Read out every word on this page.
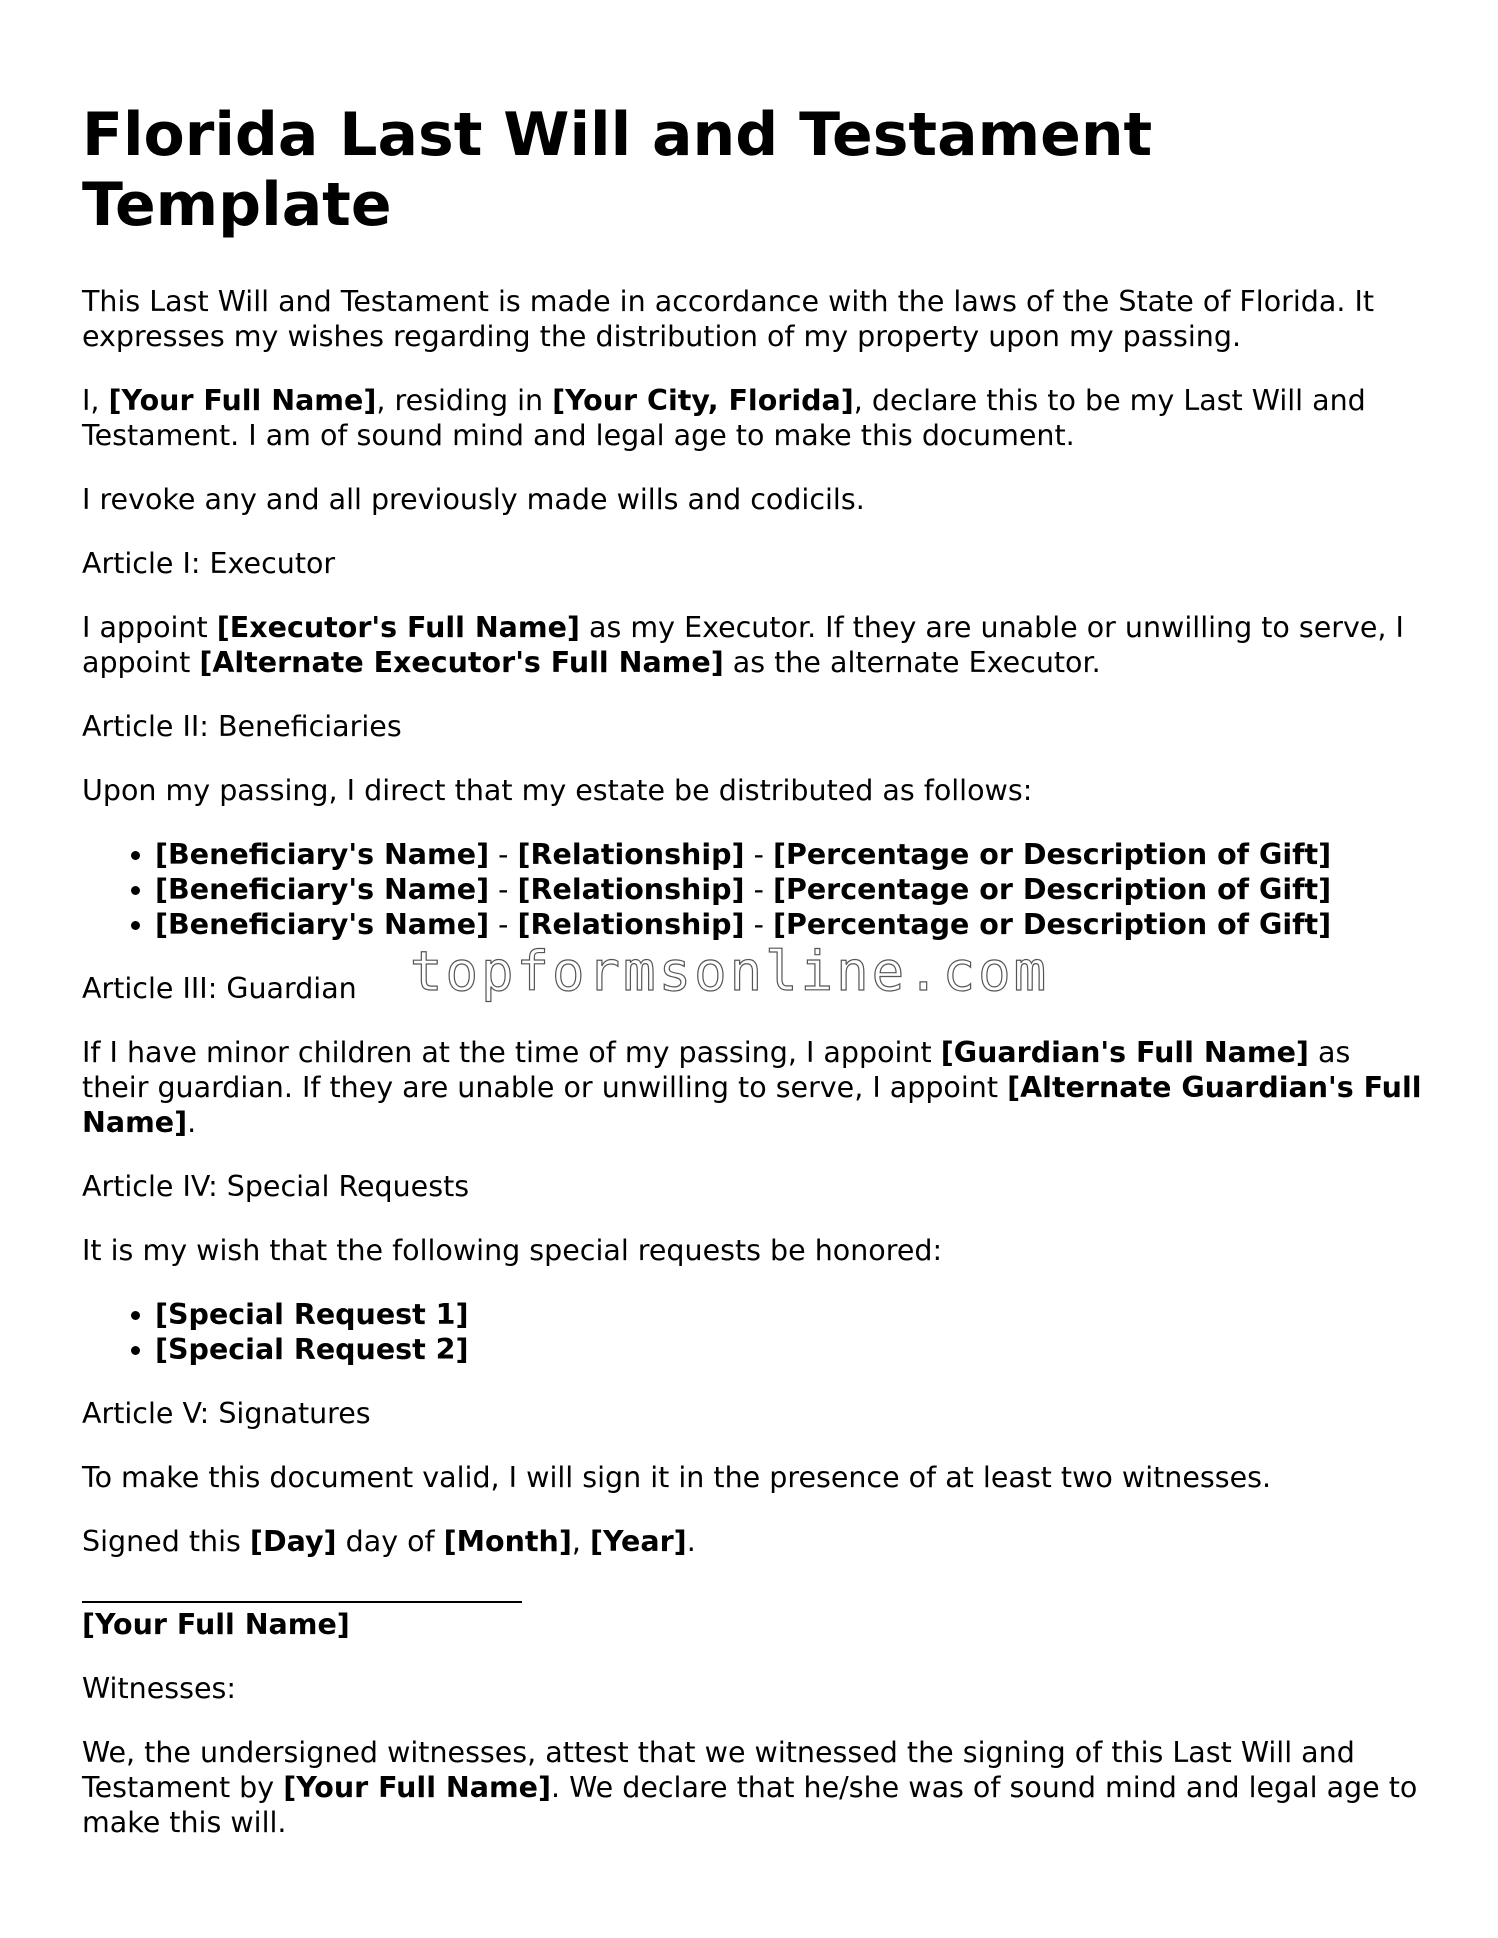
Florida Last Will and Testament Template

This Last Will and Testament is made in accordance with the laws of the State of Florida. It expresses my wishes regarding the distribution of my property upon my passing.

I, [Your Full Name], residing in [Your City, Florida], declare this to be my Last Will and Testament. I am of sound mind and legal age to make this document.

I revoke any and all previously made wills and codicils.

Article I: Executor

I appoint [Executor's Full Name] as my Executor. If they are unable or unwilling to serve, I appoint [Alternate Executor's Full Name] as the alternate Executor.

Article II: Beneficiaries

Upon my passing, I direct that my estate be distributed as follows:

• [Beneficiary's Name] - [Relationship] - [Percentage or Description of Gift]
• [Beneficiary's Name] - [Relationship] - [Percentage or Description of Gift]
• [Beneficiary's Name] - [Relationship] - [Percentage or Description of Gift]

Article III: Guardian

If I have minor children at the time of my passing, I appoint [Guardian's Full Name] as their guardian. If they are unable or unwilling to serve, I appoint [Alternate Guardian's Full Name].

Article IV: Special Requests

It is my wish that the following special requests be honored:

• [Special Request 1]
• [Special Request 2]

Article V: Signatures

To make this document valid, I will sign it in the presence of at least two witnesses.

Signed this [Day] day of [Month], [Year].

[Your Full Name]

Witnesses:

We, the undersigned witnesses, attest that we witnessed the signing of this Last Will and Testament by [Your Full Name]. We declare that he/she was of sound mind and legal age to make this will.

topformsonline.com
